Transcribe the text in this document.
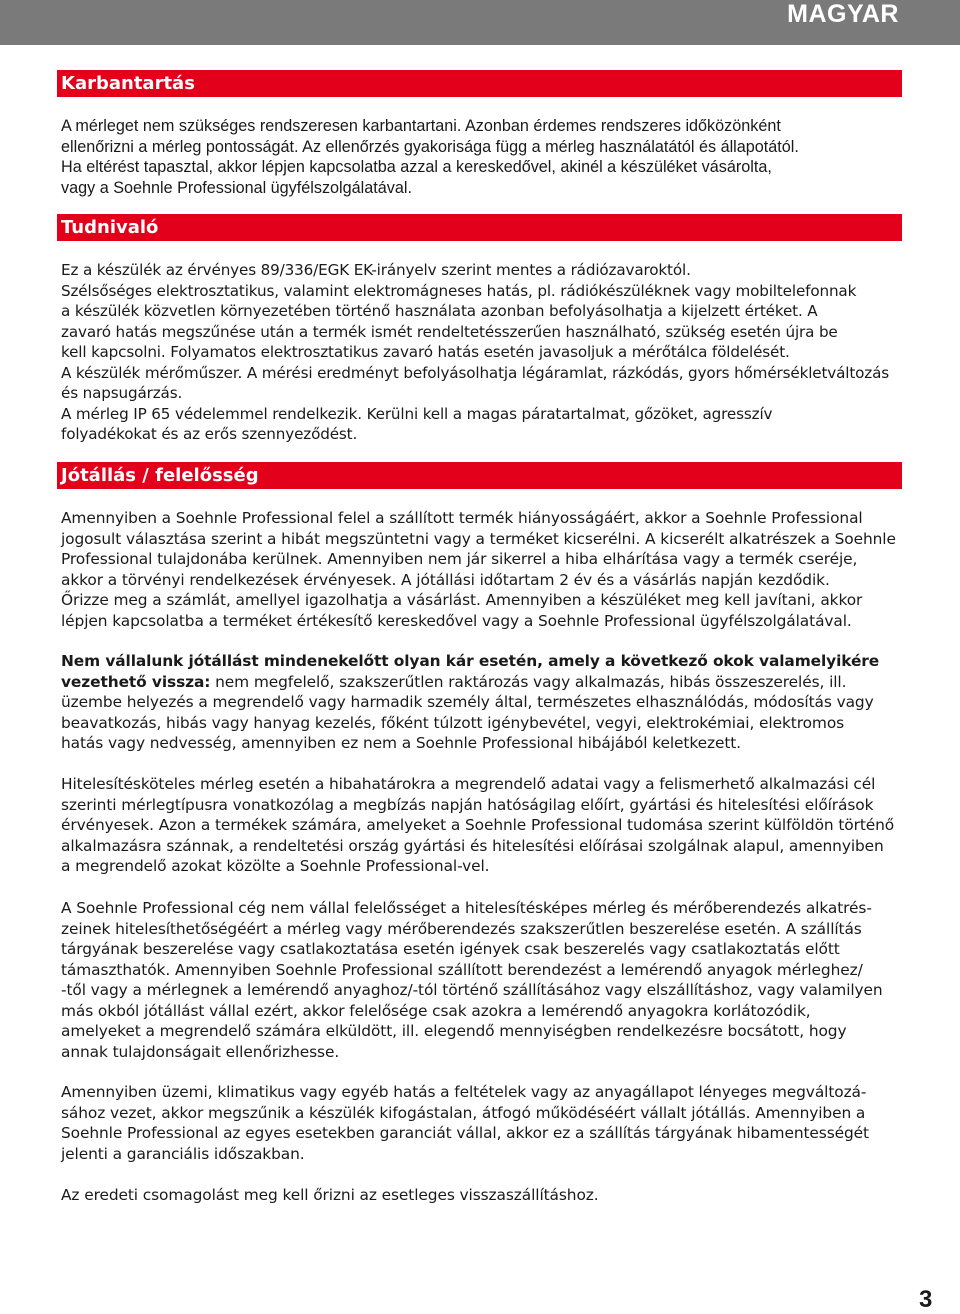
MAGYAR
Karbantartás

A mérleget nem szükséges rendszeresen karbantartani. Azonban érdemes rendszeres időközönként
ellenőrizni a mérleg pontosságát. Az ellenőrzés gyakorisága függ a mérleg használatától és állapotától.
Ha eltérést tapasztal, akkor lépjen kapcsolatba azzal a kereskedővel, akinél a készüléket vásárolta,
vagy a Soehnle Professional ügyfélszolgálatával.

Tudnivaló

Ez a készülék az érvényes 89/336/EGK EK-irányelv szerint mentes a rádiózavaroktól.
Szélsőséges elektrosztatikus, valamint elektromágneses hatás, pl. rádiókészüléknek vagy mobiltelefonnak
a készülék közvetlen környezetében történő használata azonban befolyásolhatja a kijelzett értéket. A
zavaró hatás megszűnése után a termék ismét rendeltetésszerűen használható, szükség esetén újra be
kell kapcsolni. Folyamatos elektrosztatikus zavaró hatás esetén javasoljuk a mérőtálca földelését.
A készülék mérőműszer. A mérési eredményt befolyásolhatja légáramlat, rázkódás, gyors hőmérsékletváltozás
és napsugárzás.
A mérleg IP 65 védelemmel rendelkezik. Kerülni kell a magas páratartalmat, gőzöket, agresszív
folyadékokat és az erős szennyeződést.

Jótállás / felelősség

Amennyiben a Soehnle Professional felel a szállított termék hiányosságáért, akkor a Soehnle Professional
jogosult választása szerint a hibát megszüntetni vagy a terméket kicserélni. A kicserélt alkatrészek a Soehnle
Professional tulajdonába kerülnek. Amennyiben nem jár sikerrel a hiba elhárítása vagy a termék cseréje,
akkor a törvényi rendelkezések érvényesek. A jótállási időtartam 2 év és a vásárlás napján kezdődik.
Őrizze meg a számlát, amellyel igazolhatja a vásárlást. Amennyiben a készüléket meg kell javítani, akkor
lépjen kapcsolatba a terméket értékesítő kereskedővel vagy a Soehnle Professional ügyfélszolgálatával.

Nem vállalunk jótállást mindenekelőtt olyan kár esetén, amely a következő okok valamelyikére
vezethető vissza: nem megfelelő, szakszerűtlen raktározás vagy alkalmazás, hibás összeszerelés, ill.
üzembe helyezés a megrendelő vagy harmadik személy által, természetes elhasználódás, módosítás vagy
beavatkozás, hibás vagy hanyag kezelés, főként túlzott igénybevétel, vegyi, elektrokémiai, elektromos
hatás vagy nedvesség, amennyiben ez nem a Soehnle Professional hibájából keletkezett.

Hitelesítésköteles mérleg esetén a hibahatárokra a megrendelő adatai vagy a felismerhető alkalmazási cél
szerinti mérlegtípusra vonatkozólag a megbízás napján hatóságilag előírt, gyártási és hitelesítési előírások
érvényesek. Azon a termékek számára, amelyeket a Soehnle Professional tudomása szerint külföldön történő
alkalmazásra szánnak, a rendeltetési ország gyártási és hitelesítési előírásai szolgálnak alapul, amennyiben
a megrendelő azokat közölte a Soehnle Professional-vel.

A Soehnle Professional cég nem vállal felelősséget a hitelesítésképes mérleg és mérőberendezés alkatrés-
zeinek hitelesíthetőségéért a mérleg vagy mérőberendezés szakszerűtlen beszerelése esetén. A szállítás
tárgyának beszerelése vagy csatlakoztatása esetén igények csak beszerelés vagy csatlakoztatás előtt
támaszthatók. Amennyiben Soehnle Professional szállított berendezést a lemérendő anyagok mérleghez/
-től vagy a mérlegnek a lemérendő anyaghoz/-tól történő szállításához vagy elszállításhoz, vagy valamilyen
más okból jótállást vállal ezért, akkor felelősége csak azokra a lemérendő anyagokra korlátozódik,
amelyeket a megrendelő számára elküldött, ill. elegendő mennyiségben rendelkezésre bocsátott, hogy
annak tulajdonságait ellenőrizhesse.

Amennyiben üzemi, klimatikus vagy egyéb hatás a feltételek vagy az anyagállapot lényeges megváltozá-
sához vezet, akkor megszűnik a készülék kifogástalan, átfogó működéséért vállalt jótállás. Amennyiben a
Soehnle Professional az egyes esetekben garanciát vállal, akkor ez a szállítás tárgyának hibamentességét
jelenti a garanciális időszakban.

Az eredeti csomagolást meg kell őrizni az esetleges visszaszállításhoz.

3
